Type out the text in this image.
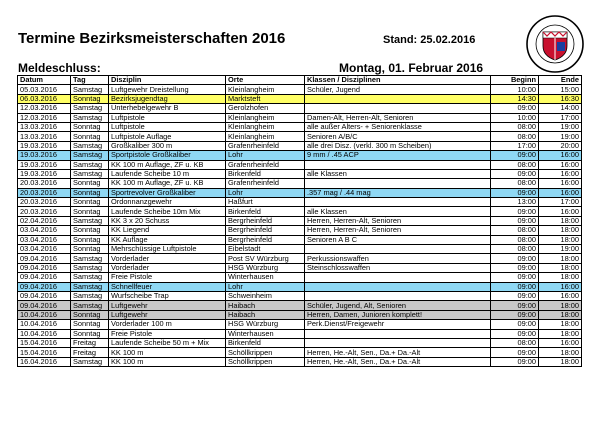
Termine Bezirksmeisterschaften 2016	Stand: 25.02.2016
Meldeschluss:	Montag, 01. Februar 2016
Datum	Tag	Disziplin	Orte	Klassen / Disziplinen	Beginn	Ende
05.03.2016	Samstag	Luftgewehr Dreistellung	Kleinlangheim	Schüler, Jugend	10:00	15:00
06.03.2016	Sonntag	Bezirksjugendtag	Marktsteft		14:30	16:30
12.03.2016	Samstag	Unterhebelgewehr B	Gerolzhofen		09:00	14:00
12.03.2016	Samstag	Luftpistole	Kleinlangheim	Damen-Alt, Herren-Alt, Senioren	10:00	17:00
13.03.2016	Sonntag	Luftpistole	Kleinlangheim	alle außer Alters- + Seniorenklasse	08:00	19:00
13.03.2016	Sonntag	Luftpistole Auflage	Kleinlangheim	Senioren A/B/C	08:00	19:00
19.03.2016	Samstag	Großkaliber 300 m	Grafenrheinfeld	alle drei Disz. (verkl. 300 m Scheiben)	17:00	20:00
19.03.2016	Samstag	Sportpistole Großkaliber	Lohr	9 mm / .45 ACP	09:00	16:00
19.03.2016	Samstag	KK 100 m Auflage, ZF u. KB	Grafenrheinfeld		08:00	16:00
19.03.2016	Samstag	Laufende Scheibe 10 m	Birkenfeld	alle Klassen	09:00	16:00
20.03.2016	Sonntag	KK 100 m Auflage, ZF u. KB	Grafenrheinfeld		08:00	16:00
20.03.2016	Sonntag	Sportrevolver Großkaliber	Lohr	.357 mag / .44 mag	09:00	16:00
20.03.2016	Sonntag	Ordonnanzgewehr	Haßfurt		13:00	17:00
20.03.2016	Sonntag	Laufende Scheibe 10m Mix	Birkenfeld	alle Klassen	09:00	16:00
02.04.2016	Samstag	KK 3 x 20 Schuss	Bergrheinfeld	Herren, Herren-Alt, Senioren	09:00	18:00
03.04.2016	Sonntag	KK Liegend	Bergrheinfeld	Herren, Herren-Alt, Senioren	08:00	18:00
03.04.2016	Sonntag	KK Auflage	Bergrheinfeld	Senioren A B C	08:00	18:00
03.04.2016	Sonntag	Mehrschüssige Luftpistole	Eibelstadt		08:00	19:00
09.04.2016	Samstag	Vorderlader	Post SV Würzburg	Perkussionswaffen	09:00	18:00
09.04.2016	Samstag	Vorderlader	HSG Würzburg	Steinschlosswaffen	09:00	18:00
09.04.2016	Samstag	Freie Pistole	Winterhausen		09:00	18:00
09.04.2016	Samstag	Schnellfeuer	Lohr		09:00	16:00
09.04.2016	Samstag	Wurfscheibe Trap	Schweinheim		09:00	16:00
09.04.2016	Samstag	Luftgewehr	Haibach	Schüler, Jugend, Alt, Senioren	09:00	18:00
10.04.2016	Sonntag	Luftgewehr	Haibach	Herren, Damen, Junioren komplett!	09:00	18:00
10.04.2016	Sonntag	Vorderlader 100 m	HSG Würzburg	Perk.Dienst/Freigewehr	09:00	18:00
10.04.2016	Sonntag	Freie Pistole	Winterhausen		09:00	18:00
15.04.2016	Freitag	Laufende Scheibe 50 m + Mix	Birkenfeld		08:00	16:00
15.04.2016	Freitag	KK 100 m	Schöllkrippen	Herren, He.-Alt, Sen., Da.+ Da.-Alt	09:00	18:00
16.04.2016	Samstag	KK 100 m	Schöllkrippen	Herren, He.-Alt, Sen., Da.+ Da.-Alt	09:00	18:00
